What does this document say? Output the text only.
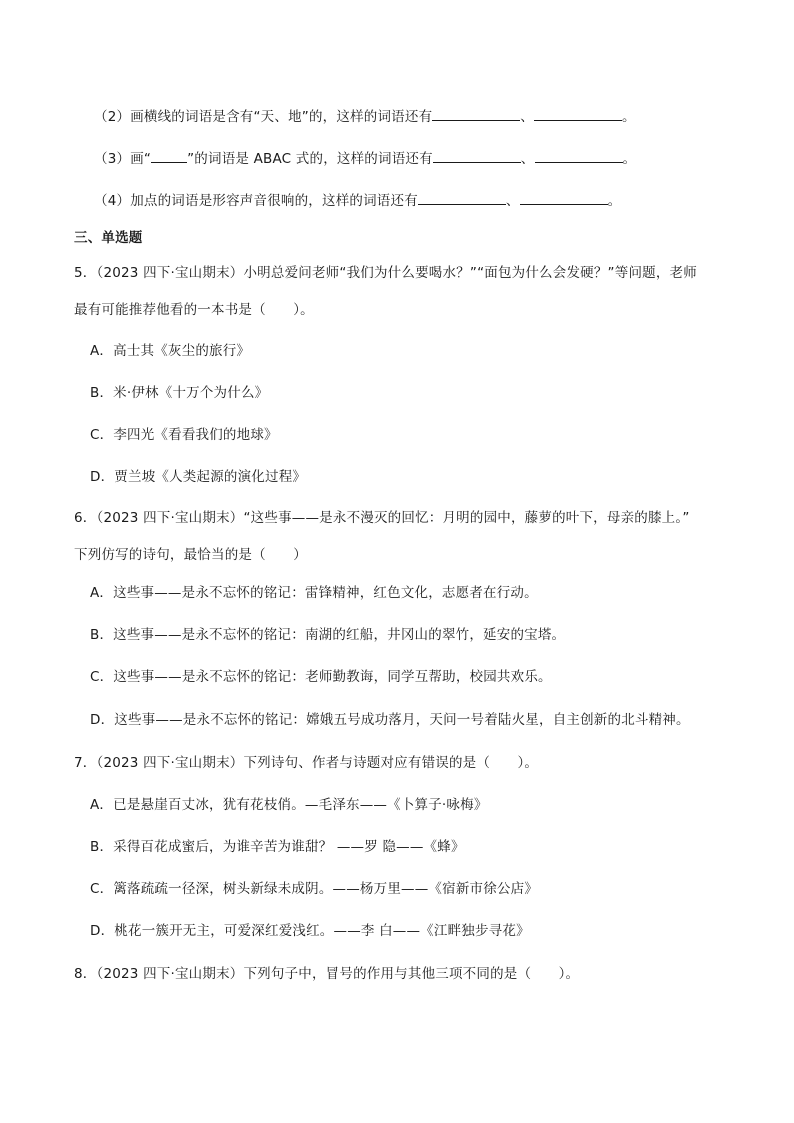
（2）画横线的词语是含有“天、地”的，这样的词语还有	、	。
（3）画“	”的词语是 ABAC 式的，这样的词语还有	、	。
（4）加点的词语是形容声音很响的，这样的词语还有	、	。
三、单选题
5．（2023 四下·宝山期末）小明总爱问老师“我们为什么要喝水？”“面包为什么会发硬？”等问题，老师
最有可能推荐他看的一本书是（　　）。
A．高士其《灰尘的旅行》
B．米·伊林《十万个为什么》
C．李四光《看看我们的地球》
D．贾兰坡《人类起源的演化过程》
6．（2023 四下·宝山期末）“这些事——是永不漫灭的回忆：月明的园中，藤萝的叶下，母亲的膝上。”
下列仿写的诗句，最恰当的是（　　）
A．这些事——是永不忘怀的铭记：雷锋精神，红色文化，志愿者在行动。
B．这些事——是永不忘怀的铭记：南湖的红船，井冈山的翠竹，延安的宝塔。
C．这些事——是永不忘怀的铭记：老师勤教诲，同学互帮助，校园共欢乐。
D．这些事——是永不忘怀的铭记：嫦娥五号成功落月，天问一号着陆火星，自主创新的北斗精神。
7．（2023 四下·宝山期末）下列诗句、作者与诗题对应有错误的是（　　）。
A．已是悬崖百丈冰，犹有花枝俏。—毛泽东——《卜算子·咏梅》
B．采得百花成蜜后，为谁辛苦为谁甜？ ——罗 隐——《蜂》
C．篱落疏疏一径深，树头新绿未成阴。——杨万里——《宿新市徐公店》
D．桃花一簇开无主，可爱深红爱浅红。——李 白——《江畔独步寻花》
8．（2023 四下·宝山期末）下列句子中，冒号的作用与其他三项不同的是（　　）。
